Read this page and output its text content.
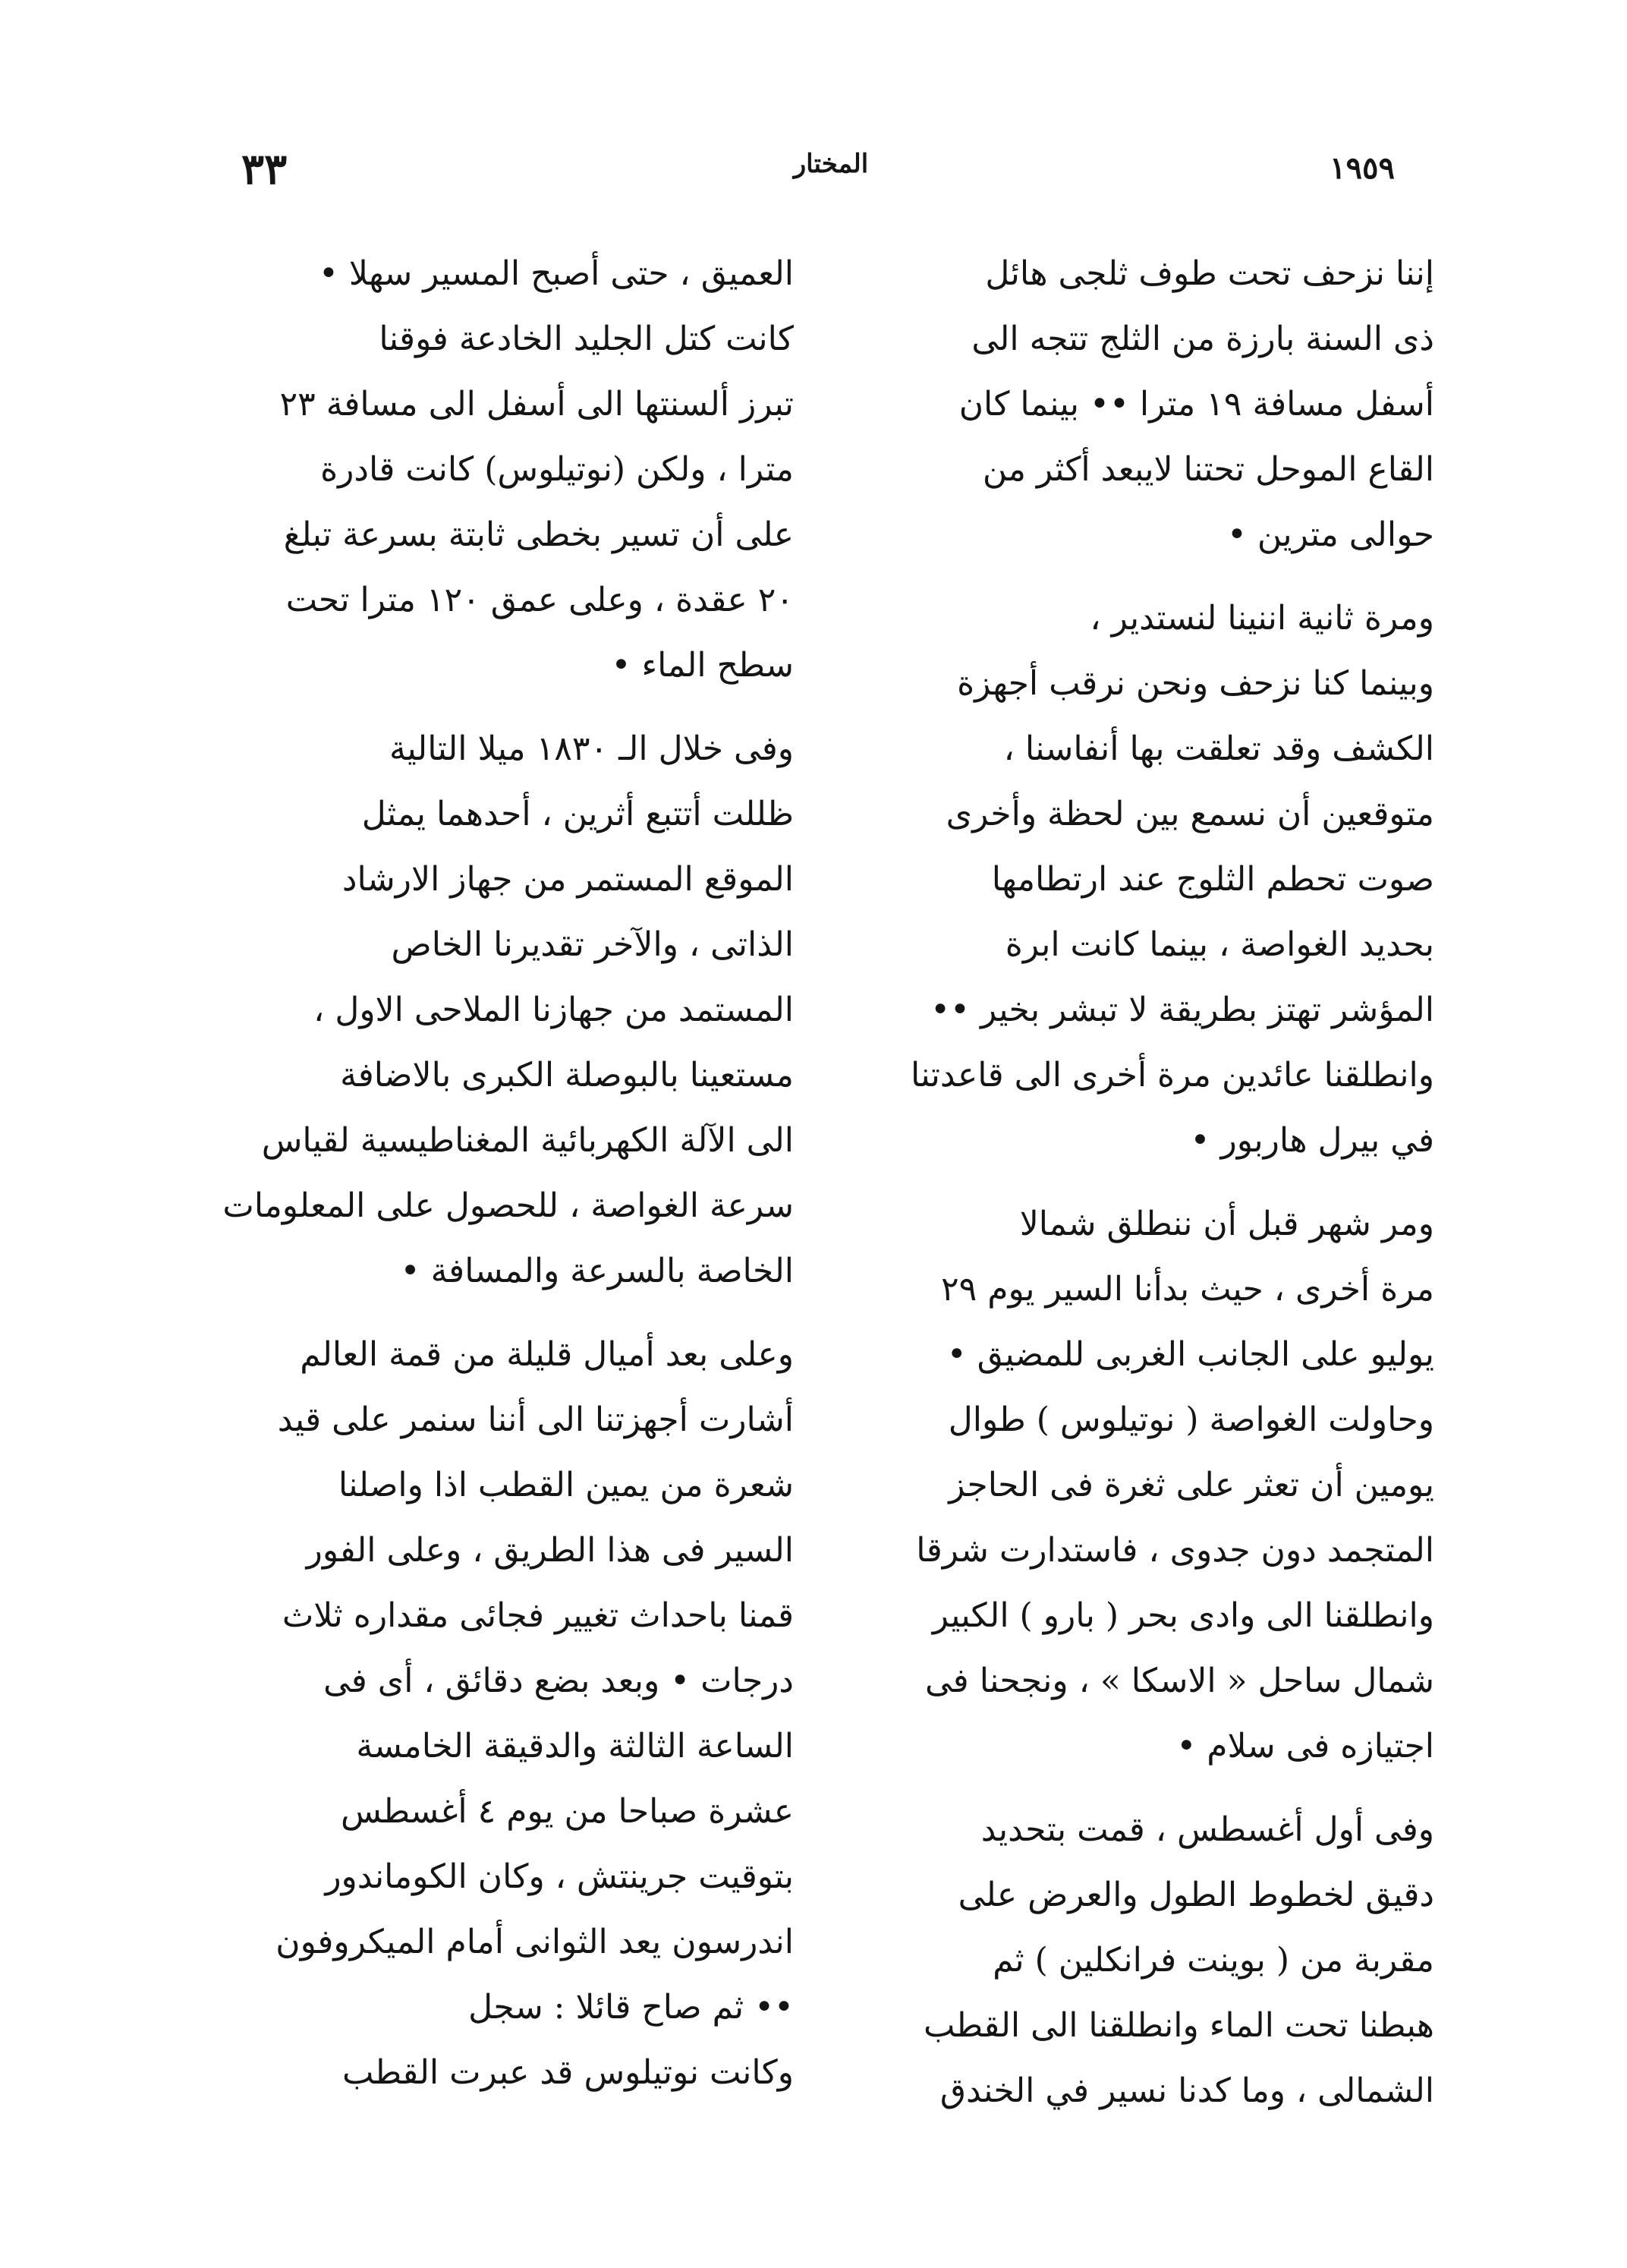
٣٣	المختار	١٩٥٩
إننا نزحف تحت طوف ثلجى هائل
ذى السنة بارزة من الثلج تتجه الى
أسفل مسافة ١٩ مترا •• بينما كان
القاع الموحل تحتنا لايبعد أكثر من
حوالى مترين •
ومرة ثانية اننينا لنستدير ،
وبينما كنا نزحف ونحن نرقب أجهزة
الكشف وقد تعلقت بها أنفاسنا ،
متوقعين أن نسمع بين لحظة وأخرى
صوت تحطم الثلوج عند ارتطامها
بحديد الغواصة ، بينما كانت ابرة
المؤشر تهتز بطريقة لا تبشر بخير ••
وانطلقنا عائدين مرة أخرى الى قاعدتنا
في بيرل هاربور •
ومر شهر قبل أن ننطلق شمالا
مرة أخرى ، حيث بدأنا السير يوم ٢٩
يوليو على الجانب الغربى للمضيق •
وحاولت الغواصة ( نوتيلوس ) طوال
يومين أن تعثر على ثغرة فى الحاجز
المتجمد دون جدوى ، فاستدارت شرقا
وانطلقنا الى وادى بحر ( بارو ) الكبير
شمال ساحل « الاسكا » ، ونجحنا فى
اجتيازه فى سلام •
وفى أول أغسطس ، قمت بتحديد
دقيق لخطوط الطول والعرض على
مقربة من ( بوينت فرانكلين ) ثم
هبطنا تحت الماء وانطلقنا الى القطب
الشمالى ، وما كدنا نسير في الخندق
العميق ، حتى أصبح المسير سهلا •
كانت كتل الجليد الخادعة فوقنا
تبرز ألسنتها الى أسفل الى مسافة ٢٣
مترا ، ولكن (نوتيلوس) كانت قادرة
على أن تسير بخطى ثابتة بسرعة تبلغ
٢٠ عقدة ، وعلى عمق ١٢٠ مترا تحت
سطح الماء •
وفى خلال الـ ١٨٣٠ ميلا التالية
ظللت أتتبع أثرين ، أحدهما يمثل
الموقع المستمر من جهاز الارشاد
الذاتى ، والآخر تقديرنا الخاص
المستمد من جهازنا الملاحى الاول ،
مستعينا بالبوصلة الكبرى بالاضافة
الى الآلة الكهربائية المغناطيسية لقياس
سرعة الغواصة ، للحصول على المعلومات
الخاصة بالسرعة والمسافة •
وعلى بعد أميال قليلة من قمة العالم
أشارت أجهزتنا الى أننا سنمر على قيد
شعرة من يمين القطب اذا واصلنا
السير فى هذا الطريق ، وعلى الفور
قمنا باحداث تغيير فجائى مقداره ثلاث
درجات • وبعد بضع دقائق ، أى فى
الساعة الثالثة والدقيقة الخامسة
عشرة صباحا من يوم ٤ أغسطس
بتوقيت جرينتش ، وكان الكوماندور
اندرسون يعد الثوانى أمام الميكروفون
•• ثم صاح قائلا : سجل
وكانت نوتيلوس قد عبرت القطب
